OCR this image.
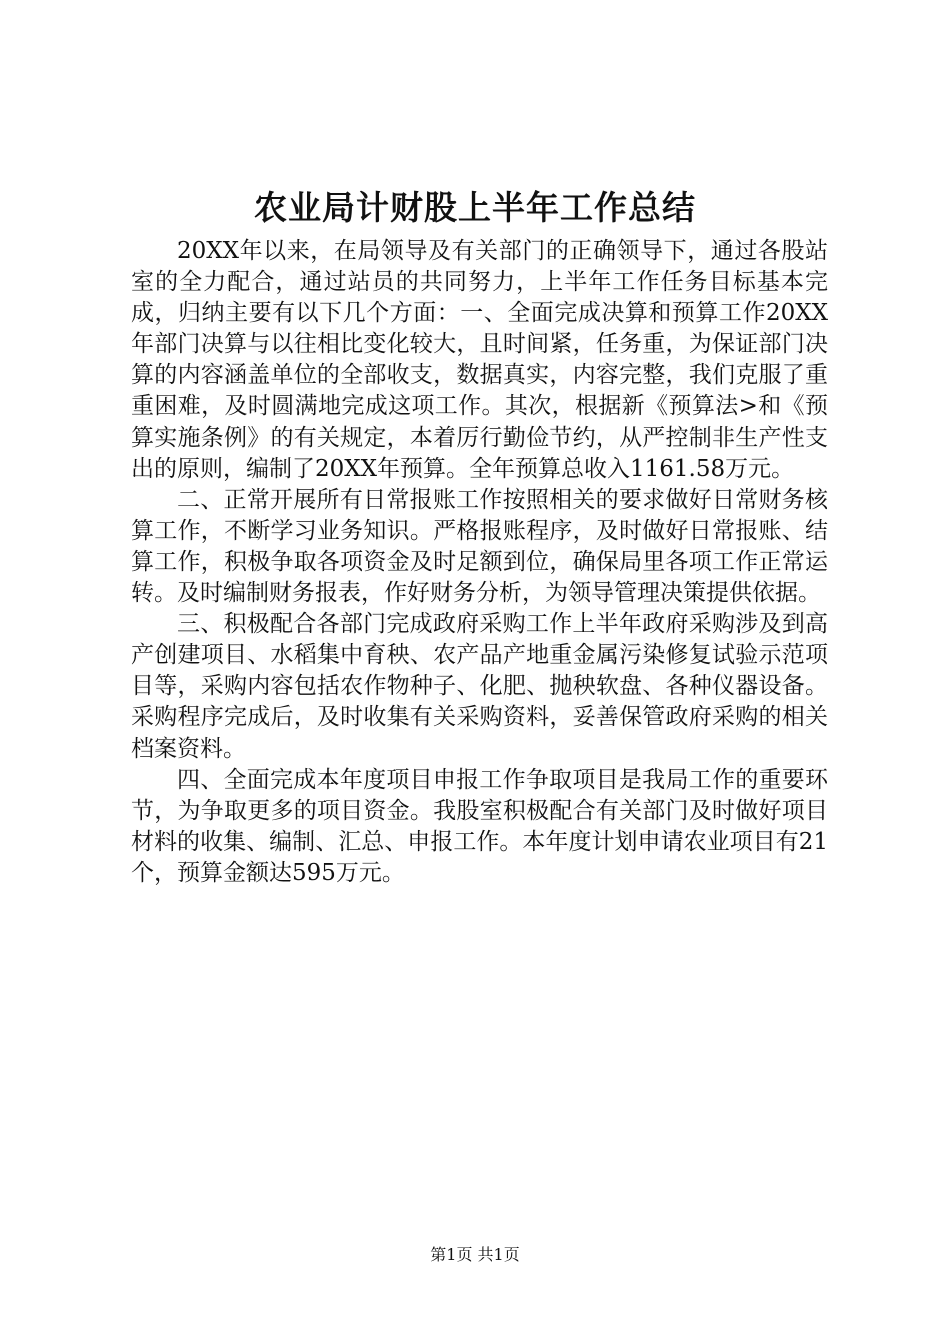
农业局计财股上半年工作总结

20XX年以来，在局领导及有关部门的正确领导下，通过各股站室的全力配合，通过站员的共同努力，上半年工作任务目标基本完成，归纳主要有以下几个方面：一、全面完成决算和预算工作20XX年部门决算与以往相比变化较大，且时间紧，任务重，为保证部门决算的内容涵盖单位的全部收支，数据真实，内容完整，我们克服了重重困难，及时圆满地完成这项工作。其次，根据新《预算法>和《预算实施条例》的有关规定，本着厉行勤俭节约，从严控制非生产性支出的原则，编制了20XX年预算。全年预算总收入1161.58万元。

二、正常开展所有日常报账工作按照相关的要求做好日常财务核算工作，不断学习业务知识。严格报账程序，及时做好日常报账、结算工作，积极争取各项资金及时足额到位，确保局里各项工作正常运转。及时编制财务报表，作好财务分析，为领导管理决策提供依据。

三、积极配合各部门完成政府采购工作上半年政府采购涉及到高产创建项目、水稻集中育秧、农产品产地重金属污染修复试验示范项目等，采购内容包括农作物种子、化肥、抛秧软盘、各种仪器设备。采购程序完成后，及时收集有关采购资料，妥善保管政府采购的相关档案资料。

四、全面完成本年度项目申报工作争取项目是我局工作的重要环节，为争取更多的项目资金。我股室积极配合有关部门及时做好项目材料的收集、编制、汇总、申报工作。本年度计划申请农业项目有21个，预算金额达595万元。

第1页 共1页
